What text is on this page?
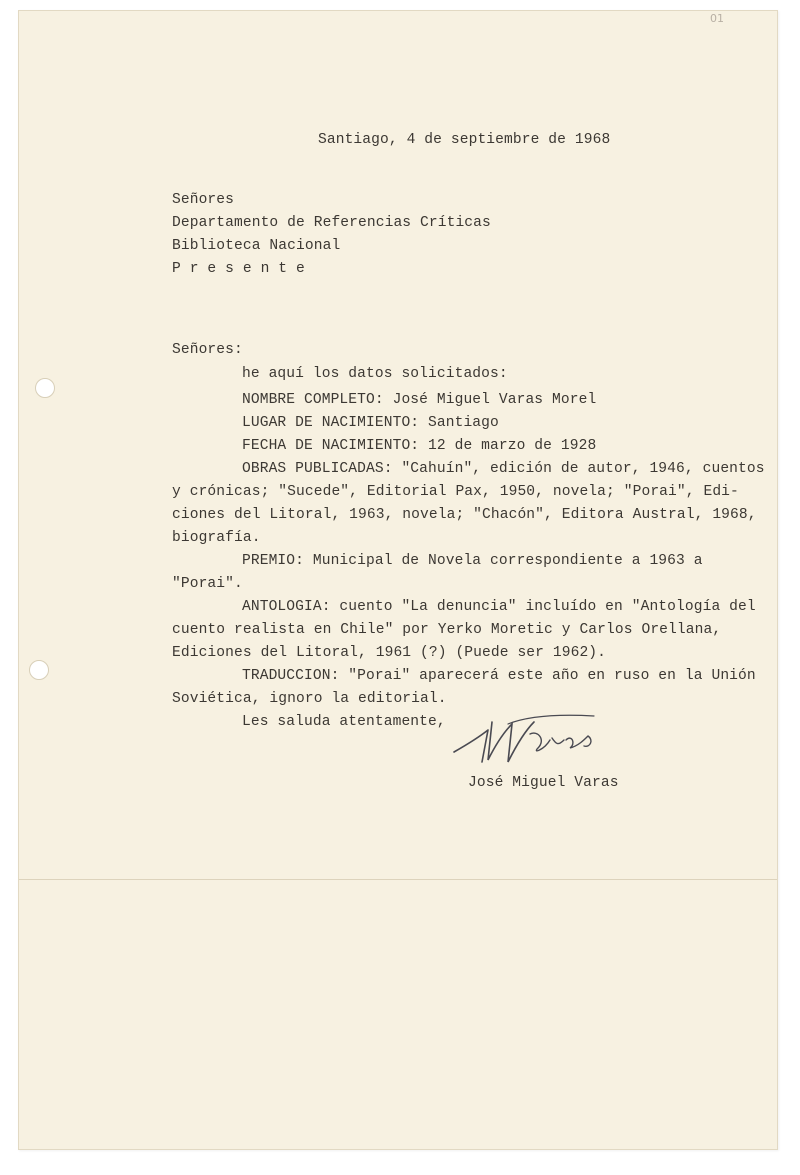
01
Santiago, 4 de septiembre de 1968
Señores
Departamento de Referencias Críticas
Biblioteca Nacional
P r e s e n t e
Señores:
he aquí los datos solicitados:
NOMBRE COMPLETO: José Miguel Varas Morel
LUGAR DE NACIMIENTO: Santiago
FECHA DE NACIMIENTO: 12 de marzo de 1928
OBRAS PUBLICADAS: "Cahuín", edición de autor, 1946, cuentos
y crónicas; "Sucede", Editorial Pax, 1950, novela; "Porai", Edi-
ciones del Litoral, 1963, novela; "Chacón", Editora Austral, 1968,
biografía.
PREMIO: Municipal de Novela correspondiente a 1963 a
"Porai".
ANTOLOGIA: cuento "La denuncia" incluído en "Antología del
cuento realista en Chile" por Yerko Moretic y Carlos Orellana,
Ediciones del Litoral, 1961 (?) (Puede ser 1962).
TRADUCCION: "Porai" aparecerá este año en ruso en la Unión
Soviética, ignoro la editorial.
Les saluda atentamente,
José Miguel Varas
